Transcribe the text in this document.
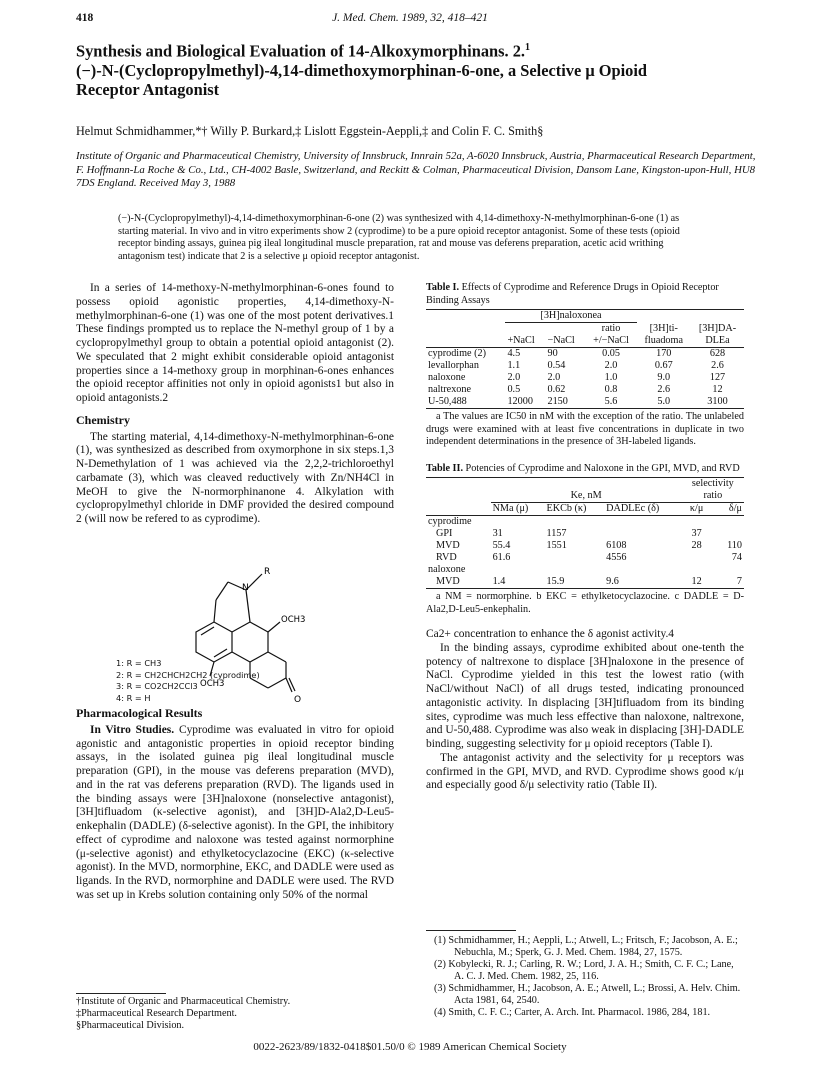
418	J. Med. Chem. 1989, 32, 418–421
Synthesis and Biological Evaluation of 14-Alkoxymorphinans. 2.$^1$
(−)-N-(Cyclopropylmethyl)-4,14-dimethoxymorphinan-6-one, a Selective μ Opioid
Receptor Antagonist
Helmut Schmidhammer,*† Willy P. Burkard,‡ Lislott Eggstein-Aeppli,‡ and Colin F. C. Smith§
Institute of Organic and Pharmaceutical Chemistry, University of Innsbruck, Innrain 52a, A-6020 Innsbruck, Austria, Pharmaceutical Research Department, F. Hoffmann-La Roche & Co., Ltd., CH-4002 Basle, Switzerland, and Reckitt & Colman, Pharmaceutical Division, Dansom Lane, Kingston-upon-Hull, HU8 7DS England. Received May 3, 1988
(−)-N-(Cyclopropylmethyl)-4,14-dimethoxymorphinan-6-one (2) was synthesized with 4,14-dimethoxy-N-methylmorphinan-6-one (1) as starting material. In vivo and in vitro experiments show 2 (cyprodime) to be a pure opioid receptor antagonist. Some of these tests (opioid receptor binding assays, guinea pig ileal longitudinal muscle preparation, rat and mouse vas deferens preparation, acetic acid writhing antagonism test) indicate that 2 is a selective μ opioid receptor antagonist.

In a series of 14-methoxy-N-methylmorphinan-6-ones found to possess opioid agonistic properties, 4,14-dimethoxy-N-methylmorphinan-6-one (1) was one of the most potent derivatives.1 These findings prompted us to replace the N-methyl group of 1 by a cyclopropylmethyl group to obtain a potential opioid antagonist (2). We speculated that 2 might exhibit considerable opioid antagonist properties since a 14-methoxy group in morphinan-6-ones enhances the opioid receptor affinities not only in opioid agonists1 but also in opioid antagonists.2

Chemistry

The starting material, 4,14-dimethoxy-N-methylmorphinan-6-one (1), was synthesized as described from oxymorphone in six steps.1,3 N-Demethylation of 1 was achieved via the 2,2,2-trichloroethyl carbamate (3), which was cleaved reductively with Zn/NH4Cl in MeOH to give the N-normorphinanone 4. Alkylation with cyclopropylmethyl chloride in DMF provided the desired compound 2 (will now be refered to as cyprodime).

R
N
OCH3
OCH3
O
1: R = CH3
2: R = CH2CHCH2CH2 (cyprodime)
3: R = CO2CH2CCl3
4: R = H
Pharmacological Results

In Vitro Studies. Cyprodime was evaluated in vitro for opioid agonistic and antagonistic properties in opioid receptor binding assays, in the isolated guinea pig ileal longitudinal muscle preparation (GPI), in the mouse vas deferens preparation (MVD), and in the rat vas deferens preparation (RVD). The ligands used in the binding assays were [3H]naloxone (nonselective antagonist), [3H]tifluadom (κ-selective agonist), and [3H]D-Ala2,D-Leu5-enkephalin (DADLE) (δ-selective agonist). In the GPI, the inhibitory effect of cyprodime and naloxone was tested against normorphine (μ-selective agonist) and ethylketocyclazocine (EKC) (κ-selective agonist). In the MVD, normorphine, EKC, and DADLE were used as ligands. In the RVD, normorphine and DADLE were used. The RVD was set up in Krebs solution containing only 50% of the normal

†Institute of Organic and Pharmaceutical Chemistry.
‡Pharmaceutical Research Department.
§Pharmaceutical Division.
Table I. Effects of Cyprodime and Reference Drugs in Opioid Receptor Binding Assays
	[3H]naloxonea				
			ratio	[3H]ti-	[3H]DA-
	+NaCl	−NaCl	+/−NaCl	fluadoma	DLEa
cyprodime (2)	4.5	90	0.05	170	628
levallorphan	1.1	0.54	2.0	0.67	2.6
naloxone	2.0	2.0	1.0	9.0	127
naltrexone	0.5	0.62	0.8	2.6	12
U-50,488	12000	2150	5.6	5.0	3100
a The values are IC50 in nM with the exception of the ratio. The unlabeled drugs were examined with at least five concentrations in duplicate in two independent determinations in the presence of 3H-labeled ligands.
Table II. Potencies of Cyprodime and Naloxone in the GPI, MVD, and RVD
				selectivity	
	Ke, nM			ratio	
	NMa (μ)	EKCb (κ)	DADLEc (δ)	κ/μ	δ/μ
cyprodime					
GPI	31	1157		37	
MVD	55.4	1551	6108	28	110
RVD	61.6		4556		74
naloxone					
MVD	1.4	15.9	9.6	12	7
a NM = normorphine. b EKC = ethylketocyclazocine. c DADLE = D-Ala2,D-Leu5-enkephalin.

Ca2+ concentration to enhance the δ agonist activity.4

In the binding assays, cyprodime exhibited about one-tenth the potency of naltrexone to displace [3H]naloxone in the presence of NaCl. Cyprodime yielded in this test the lowest ratio (with NaCl/without NaCl) of all drugs tested, indicating pronounced antagonistic activity. In displacing [3H]tifluadom from its binding sites, cyprodime was much less effective than naloxone, naltrexone, and U-50,488. Cyprodime was also weak in displacing [3H]-DADLE binding, suggesting selectivity for μ opioid receptors (Table I).

The antagonist activity and the selectivity for μ receptors was confirmed in the GPI, MVD, and RVD. Cyprodime shows good κ/μ and especially good δ/μ selectivity ratio (Table II).

(1) Schmidhammer, H.; Aeppli, L.; Atwell, L.; Fritsch, F.; Jacobson, A. E.; Nebuchla, M.; Sperk, G. J. Med. Chem. 1984, 27, 1575.
(2) Kobylecki, R. J.; Carling, R. W.; Lord, J. A. H.; Smith, C. F. C.; Lane, A. C. J. Med. Chem. 1982, 25, 116.
(3) Schmidhammer, H.; Jacobson, A. E.; Atwell, L.; Brossi, A. Helv. Chim. Acta 1981, 64, 2540.
(4) Smith, C. F. C.; Carter, A. Arch. Int. Pharmacol. 1986, 284, 181.
0022-2623/89/1832-0418$01.50/0 © 1989 American Chemical Society
